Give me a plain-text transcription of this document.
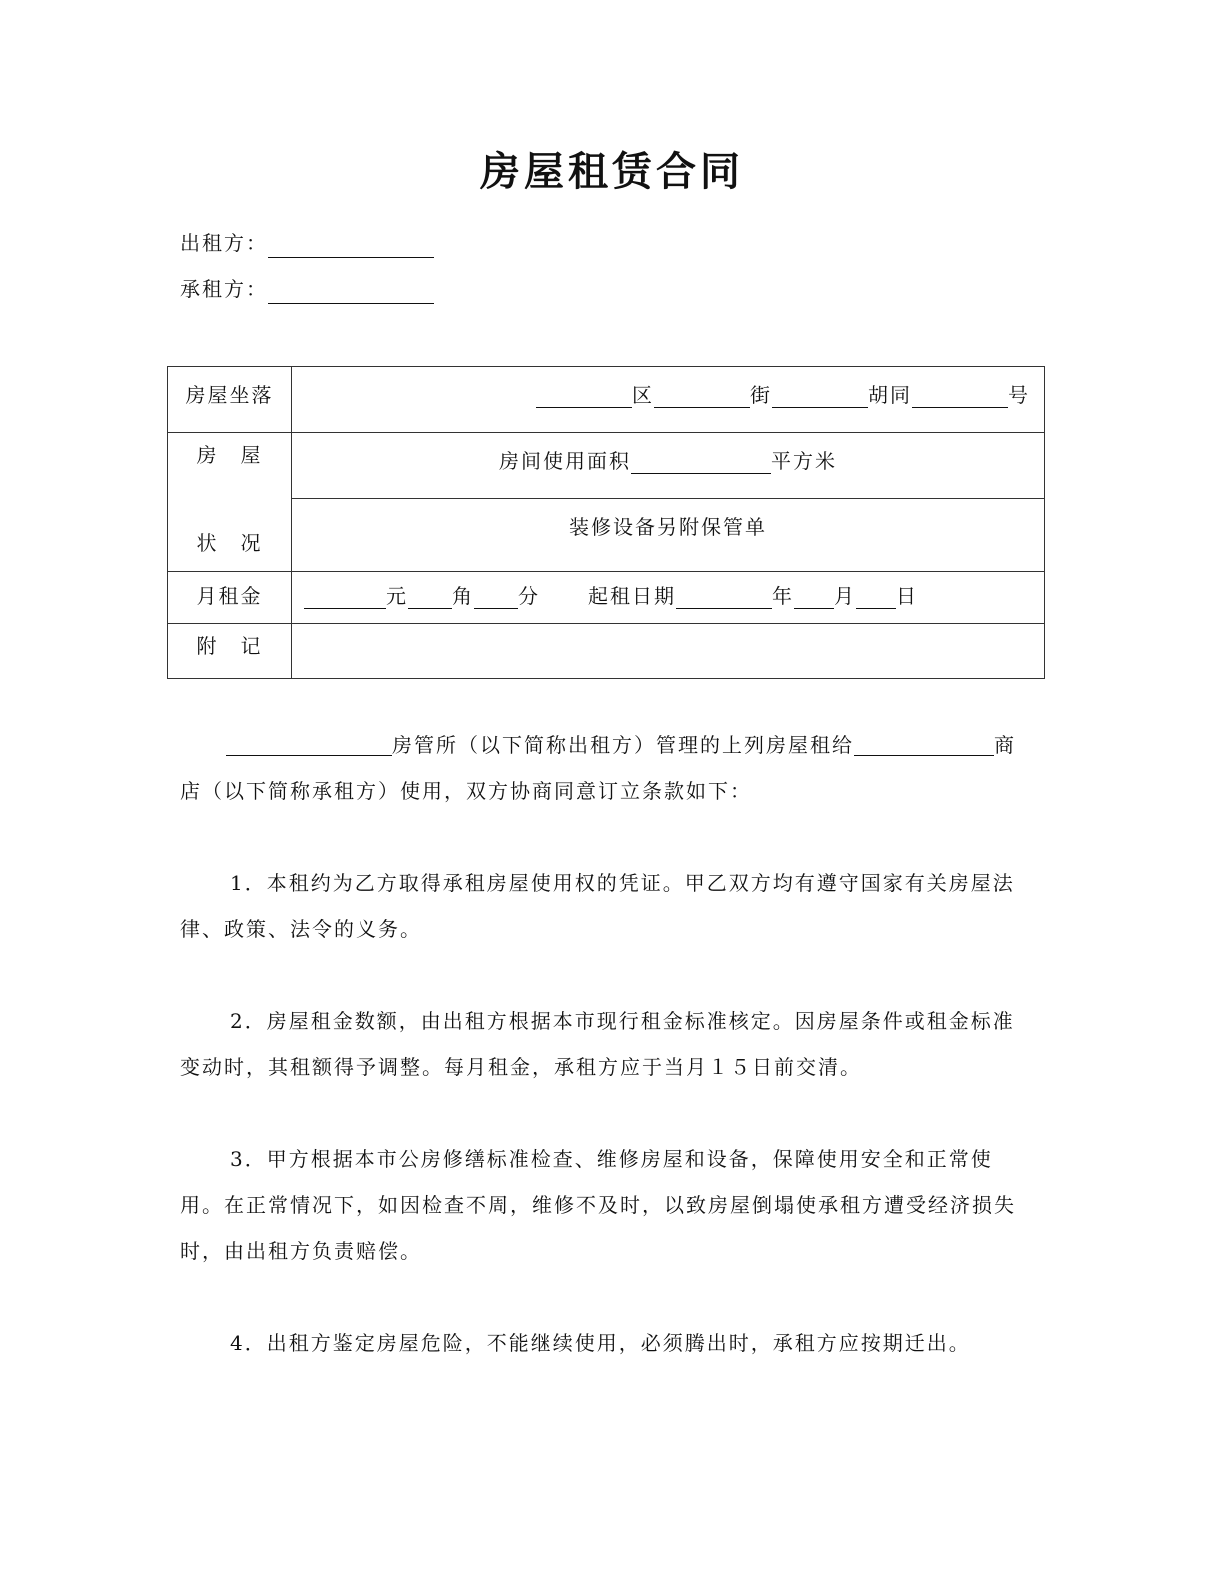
房屋租赁合同
出租方：
承租方：
房屋坐落	区 街 胡同 号

房　屋
状　况	房间使用面积 平方米

	装修设备另附保管单

月租金	元 角 分 起租日期 年 月 日

附　记	

房管所（以下简称出租方）管理的上列房屋租给	商店（以下简称承租方）使用，双方协商同意订立条款如下：

1．本租约为乙方取得承租房屋使用权的凭证。甲乙双方均有遵守国家有关房屋法律、政策、法令的义务。

2．房屋租金数额，由出租方根据本市现行租金标准核定。因房屋条件或租金标准变动时，其租额得予调整。每月租金，承租方应于当月１５日前交清。

3．甲方根据本市公房修缮标准检查、维修房屋和设备，保障使用安全和正常使用。在正常情况下，如因检查不周，维修不及时，以致房屋倒塌使承租方遭受经济损失时，由出租方负责赔偿。

4．出租方鉴定房屋危险，不能继续使用，必须腾出时，承租方应按期迁出。
